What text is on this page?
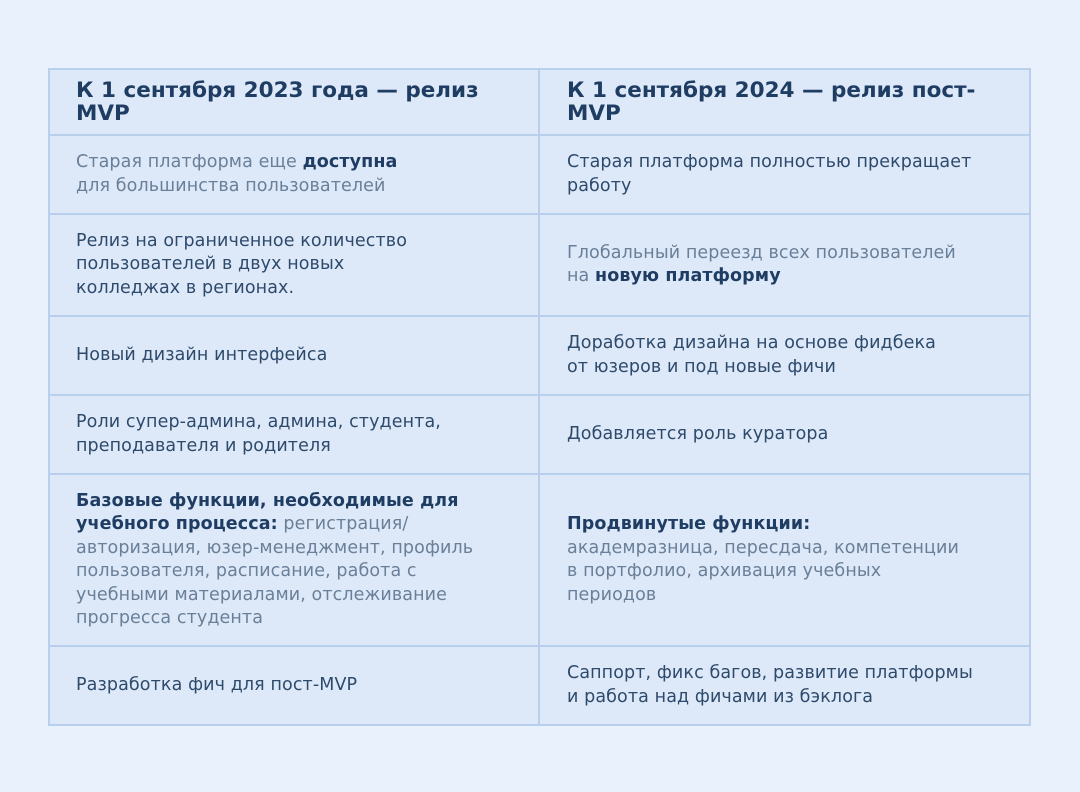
К 1 сентября 2023 года — релиз MVP
К 1 сентября 2024 — релиз пост-MVP
Старая платформа еще доступна
для большинства пользователей
Старая платформа полностью прекращает работу
Релиз на ограниченное количество пользователей в двух новых колледжах в регионах.
Глобальный переезд всех пользователей на новую платформу
Новый дизайн интерфейса
Доработка дизайна на основе фидбека от юзеров и под новые фичи
Роли супер-админа, админа, студента, преподавателя и родителя
Добавляется роль куратора
Базовые функции, необходимые для учебного процесса: регистрация/ авторизация, юзер-менеджмент, профиль пользователя, расписание, работа с учебными материалами, отслеживание прогресса студента
Продвинутые функции: академразница, пересдача, компетенции в портфолио, архивация учебных периодов
Разработка фич для пост-MVP
Саппорт, фикс багов, развитие платформы и работа над фичами из бэклога
